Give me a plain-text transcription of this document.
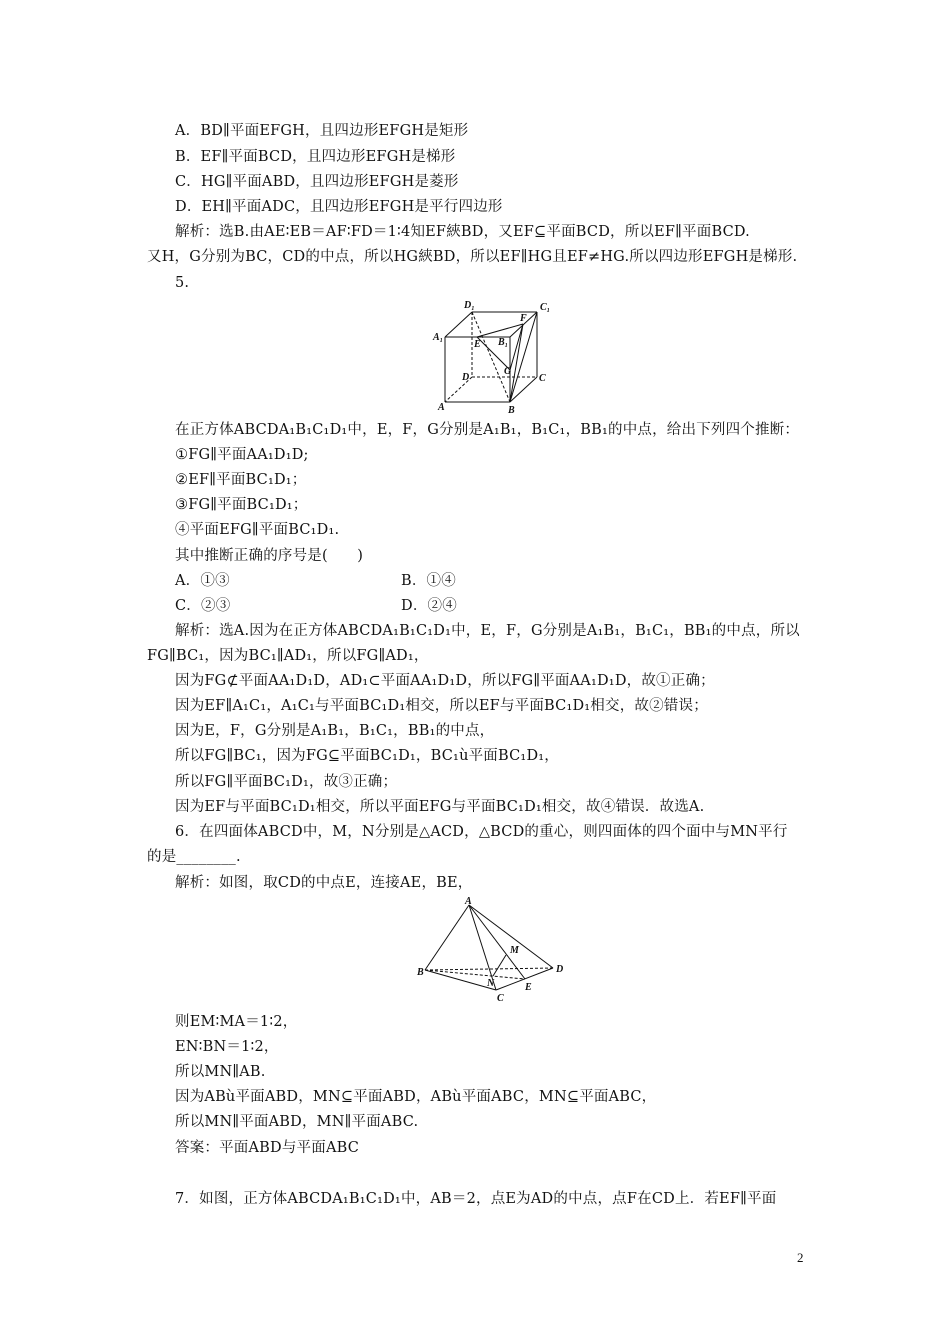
A．BD∥平面EFGH，且四边形EFGH是矩形
B．EF∥平面BCD，且四边形EFGH是梯形
C．HG∥平面ABD，且四边形EFGH是菱形
D．EH∥平面ADC，且四边形EFGH是平行四边形
解析：选B.由AE∶EB＝AF∶FD＝1∶4知EF綊BD，又EF⊆平面BCD，所以EF∥平面BCD.
又H，G分别为BC，CD的中点，所以HG綊BD，所以EF∥HG且EF≠HG.所以四边形EFGH是梯形.
5.
D₁	C₁
F
A₁
E B₁
G
D	C
A	B
在正方体ABCDA₁B₁C₁D₁中，E，F，G分别是A₁B₁，B₁C₁，BB₁的中点，给出下列四个推断：
①FG∥平面AA₁D₁D;
②EF∥平面BC₁D₁；
③FG∥平面BC₁D₁；
④平面EFG∥平面BC₁D₁.
其中推断正确的序号是(　　)
A．①③	B．①④
C．②③	D．②④
解析：选A.因为在正方体ABCDA₁B₁C₁D₁中，E，F，G分别是A₁B₁，B₁C₁，BB₁的中点，所以
FG∥BC₁，因为BC₁∥AD₁，所以FG∥AD₁，
因为FG⊄平面AA₁D₁D，AD₁⊂平面AA₁D₁D，所以FG∥平面AA₁D₁D，故①正确；
因为EF∥A₁C₁，A₁C₁与平面BC₁D₁相交，所以EF与平面BC₁D₁相交，故②错误；
因为E，F，G分别是A₁B₁，B₁C₁，BB₁的中点，
所以FG∥BC₁，因为FG⊆平面BC₁D₁，BC₁ù平面BC₁D₁，
所以FG∥平面BC₁D₁，故③正确；
因为EF与平面BC₁D₁相交，所以平面EFG与平面BC₁D₁相交，故④错误．故选A.
6．在四面体ABCD中，M，N分别是△ACD，△BCD的重心，则四面体的四个面中与MN平行
的是________.
解析：如图，取CD的中点E，连接AE，BE，
A
M
D
B
N	E
C
则EM∶MA＝1∶2，
EN∶BN＝1∶2，
所以MN∥AB.
因为ABù平面ABD，MN⊆平面ABD，ABù平面ABC，MN⊆平面ABC，
所以MN∥平面ABD，MN∥平面ABC.
答案：平面ABD与平面ABC
7．如图，正方体ABCDA₁B₁C₁D₁中，AB＝2，点E为AD的中点，点F在CD上．若EF∥平面
2
